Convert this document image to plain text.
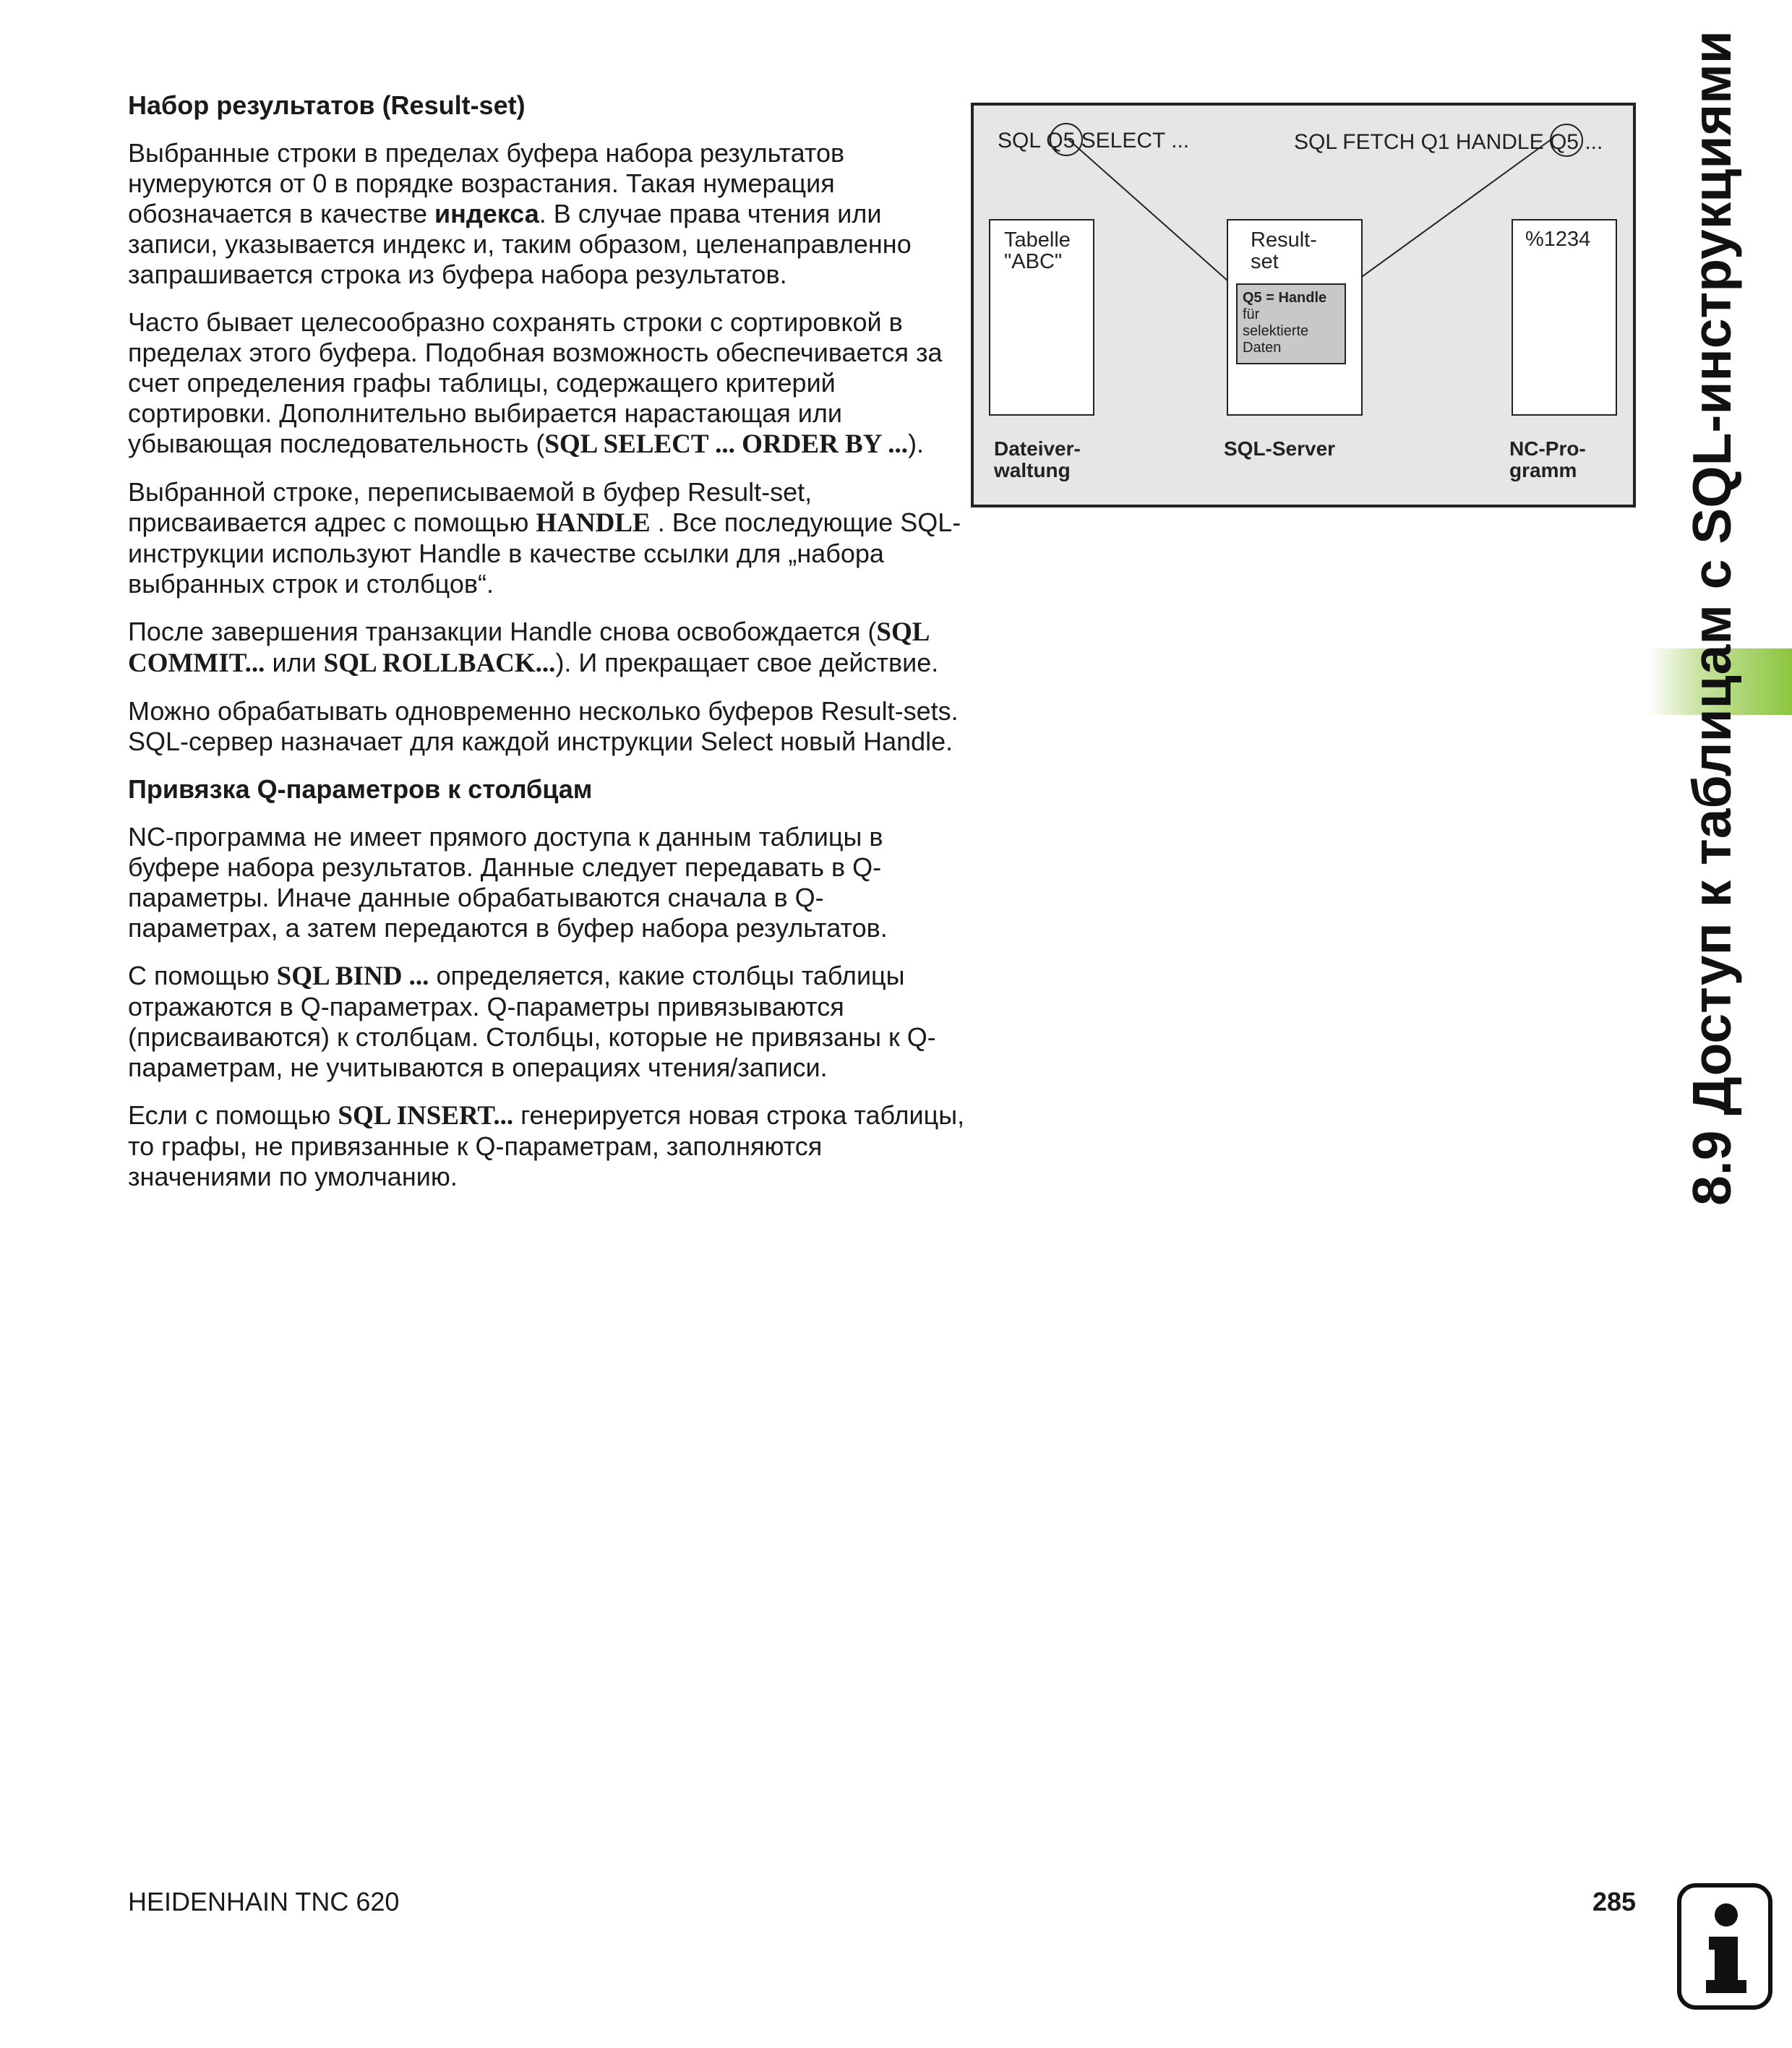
Набор результатов (Result-set)

Выбранные строки в пределах буфера набора результатов нумеруются от 0 в порядке возрастания. Такая нумерация обозначается в качестве индекса. В случае права чтения или записи, указывается индекс и, таким образом, целенаправленно запрашивается строка из буфера набора результатов.

Часто бывает целесообразно сохранять строки с сортировкой в пределах этого буфера. Подобная возможность обеспечивается за счет определения графы таблицы, содержащего критерий сортировки. Дополнительно выбирается нарастающая или убывающая последовательность (SQL SELECT ... ORDER BY ...).

Выбранной строке, переписываемой в буфер Result-set, присваивается адрес с помощью HANDLE . Все последующие SQL-инструкции используют Handle в качестве ссылки для „набора выбранных строк и столбцов“.

После завершения транзакции Handle снова освобождается (SQL COMMIT... или SQL ROLLBACK...). И прекращает свое действие.

Можно обрабатывать одновременно несколько буферов Result-sets. SQL-сервер назначает для каждой инструкции Select новый Handle.

Привязка Q-параметров к столбцам

NC-программа не имеет прямого доступа к данным таблицы в буфере набора результатов. Данные следует передавать в Q-параметры. Иначе данные обрабатываются сначала в Q-параметрах, а затем передаются в буфер набора результатов.

С помощью SQL BIND ... определяется, какие столбцы таблицы отражаются в Q-параметрах. Q-параметры привязываются (присваиваются) к столбцам. Столбцы, которые не привязаны к Q-параметрам, не учитываются в операциях чтения/записи.

Если с помощью SQL INSERT... генерируется новая строка таблицы, то графы, не привязанные к Q-параметрам, заполняются значениями по умолчанию.

SQL Q5 SELECT ...	SQL FETCH Q1 HANDLE Q5 ...
Tabelle
"ABC"
Result-
set
Q5 = Handle
für
selektierte
Daten
%1234
Dateiver-
waltung
SQL-Server	NC-Pro-
gramm 8.9 Доступ к таблицам с SQL-инструкциями
HEIDENHAIN TNC 620	285
